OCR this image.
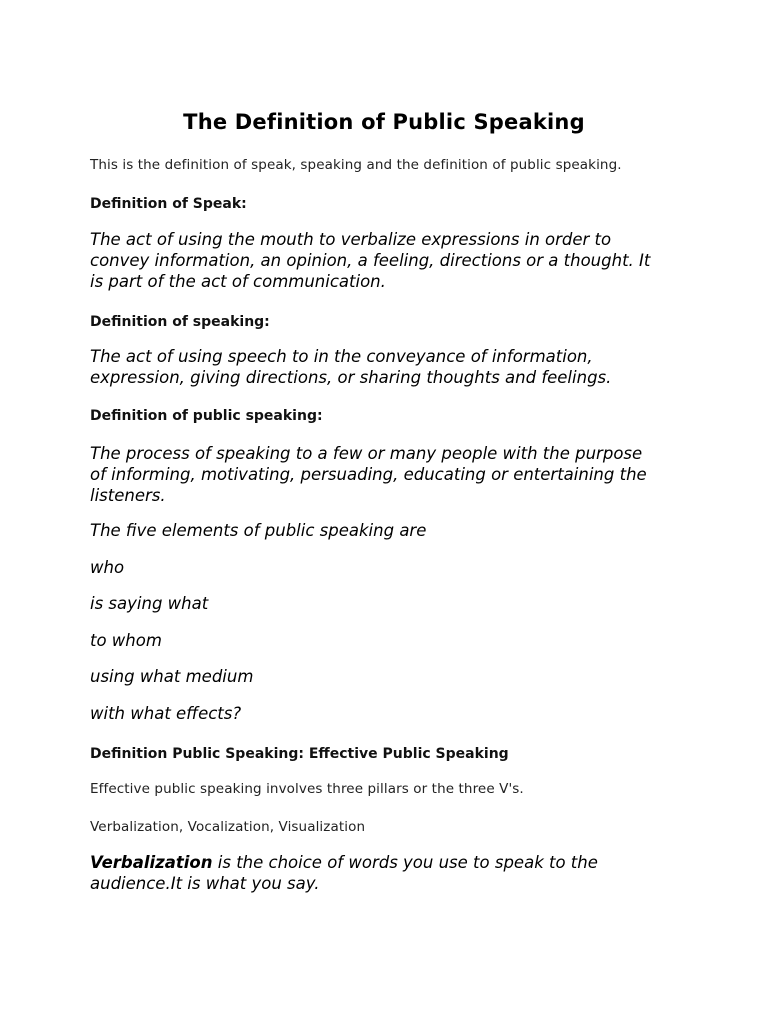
The Definition of Public Speaking

This is the definition of speak, speaking and the definition of public speaking.

Definition of Speak:

The act of using the mouth to verbalize expressions in order to
convey information, an opinion, a feeling, directions or a thought. It
is part of the act of communication.

Definition of speaking:

The act of using speech to in the conveyance of information,
expression, giving directions, or sharing thoughts and feelings.

Definition of public speaking:

The process of speaking to a few or many people with the purpose
of informing, motivating, persuading, educating or entertaining the
listeners.

The five elements of public speaking are

who

is saying what

to whom

using what medium

with what effects?

Definition Public Speaking: Effective Public Speaking

Effective public speaking involves three pillars or the three V's.

Verbalization, Vocalization, Visualization

Verbalization is the choice of words you use to speak to the
audience.It is what you say.
